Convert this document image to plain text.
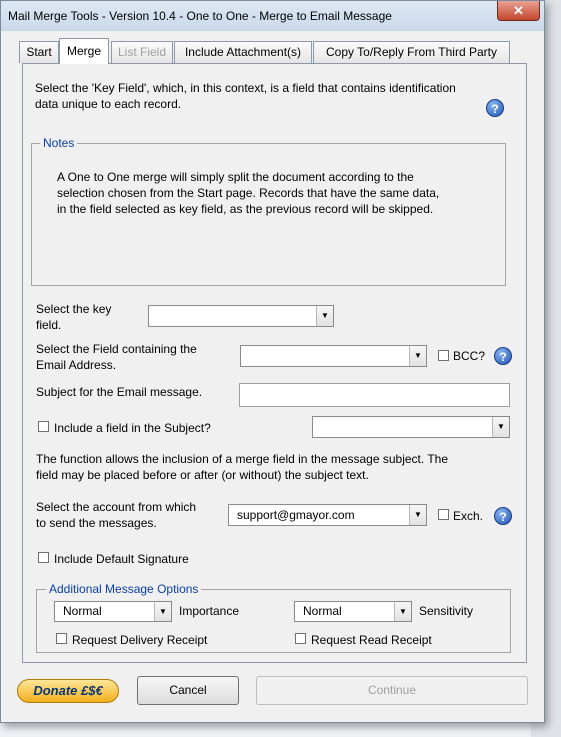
Mail Merge Tools - Version 10.4 - One to One - Merge to Email Message	✕
Start	Merge	List Field	Include Attachment(s)	Copy To/Reply From Third Party
Select the 'Key Field', which, in this context, is a field that contains identification
data unique to each record.	?
Notes
A One to One merge will simply split the document according to the
selection chosen from the Start page. Records that have the same data,
in the field selected as key field, as the previous record will be skipped.
Select the key
field.
▼
Select the Field containing the
Email Address.
▼	BCC?	?
Subject for the Email message.
Include a field in the Subject?	▼
The function allows the inclusion of a merge field in the message subject. The
field may be placed before or after (or without) the subject text.
Select the account from which
to send the messages.
support@gmayor.com	▼	Exch.	?
Include Default Signature
Additional Message Options
Normal	▼	Importance	Normal	▼	Sensitivity
Request Delivery Receipt	Request Read Receipt
Donate £$€	Cancel	Continue
